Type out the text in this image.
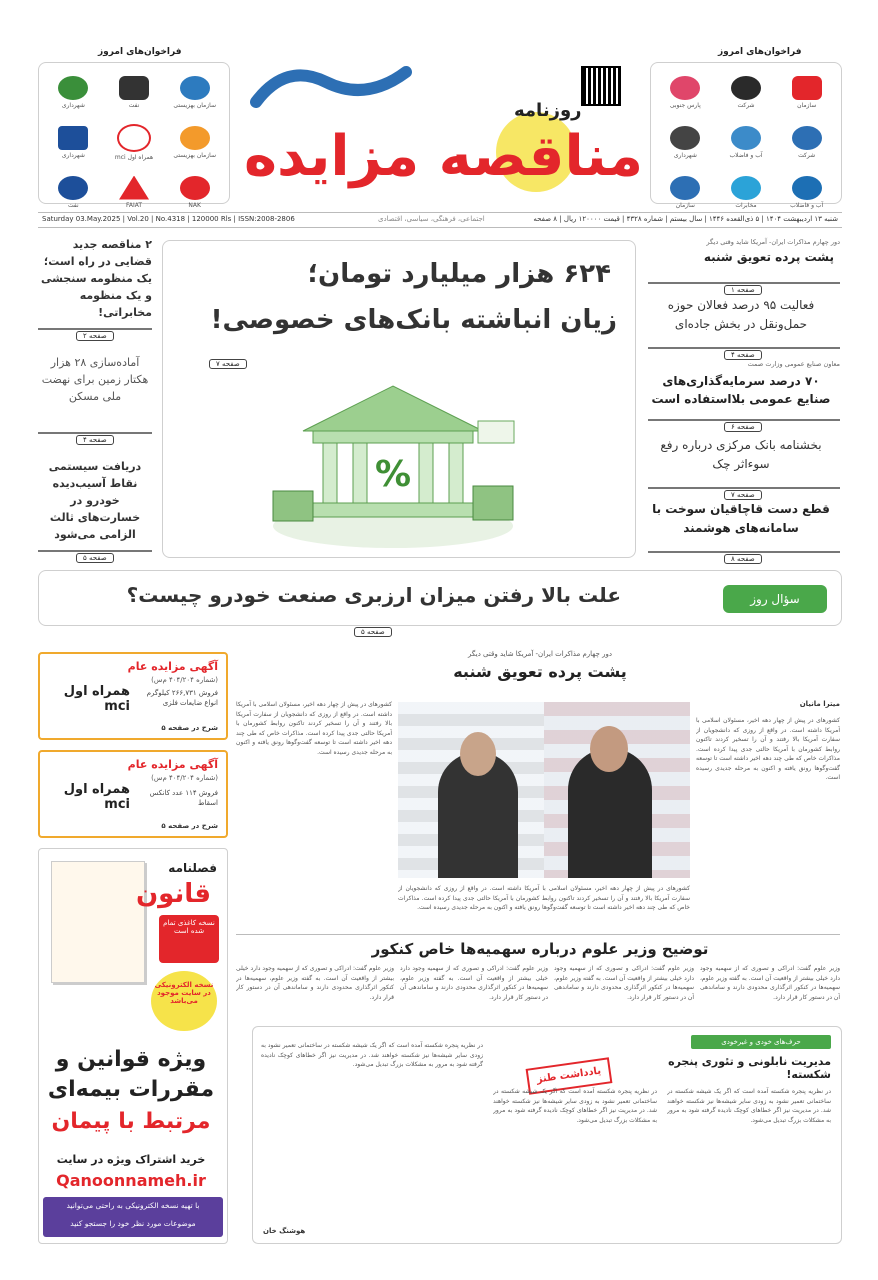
فراخوان‌های امروز	فراخوان‌های امروز
سازمان بهزیستی
نفت
شهرداری
سازمان بهزیستی
همراه اول mci
شهرداری
NAK
FAIAT
نفت
سازمان
شرکت
پارس جنوبی
شرکت
آب و فاضلاب
شهرداری
آب و فاضلاب
مخابرات
سازمان
روزنامه
مناقصه مزایده
شنبه ۱۳ اردیبهشت ۱۴۰۴ | ۵ ذی‌القعده ۱۴۴۶ | سال بیستم | شماره ۴۳۲۸ | قیمت ۱۲۰۰۰۰ ریال | ۸ صفحه
اجتماعی، فرهنگی، سیاسی، اقتصادی
Saturday 03.May.2025 | Vol.20 | No.4318 | 120000 Rls | ISSN:2008-2806
۲ مناقصه جدید قضایی در راه است؛ یک منظومه سنجشی و یک منظومه مخابراتی!
صفحه ۲
آماده‌سازی ۲۸ هزار هکتار زمین برای نهضت ملی مسکن
صفحه ۴
دریافت سیستمی نقاط آسیب‌دیده خودرو در خسارت‌های ثالث الزامی می‌شود
صفحه ۵
۶۲۴ هزار میلیارد تومان؛
زیان انباشته بانک‌های خصوصی!
صفحه ۷
%
دور چهارم مذاکرات ایران- آمریکا شاید وقتی دیگر
پشت پرده تعویق شنبه
صفحه ۱
فعالیت ۹۵ درصد فعالان حوزه حمل‌ونقل در بخش جاده‌ای
صفحه ۴
معاون صنایع عمومی وزارت صمت
۷۰ درصد سرمایه‌گذاری‌های صنایع عمومی بلااستفاده است
صفحه ۶
بخشنامه بانک مرکزی درباره رفع سوءاثر چک
صفحه ۷
قطع دست قاچاقیان سوخت با سامانه‌های هوشمند
صفحه ۸
سؤال روز
علت بالا رفتن میزان ارزبری صنعت خودرو چیست؟
صفحه ۵
آگهی مزایده عام
(شماره ۴۰۴/۲۰۴ م‌س)
فروش ۲۶۶,۷۳۱ کیلوگرم انواع ضایعات فلزی
شرح در صفحه ۵
همراه اول mci
آگهی مزایده عام
(شماره ۴۰۴/۲۰۴ م‌س)
فروش ۱۱۴ عدد کانکس اسقاط
شرح در صفحه ۵
همراه اول mci
فصلنامه
قانون
نسخه کاغذی تمام شده است
نسخه الکترونیکی در سایت موجود می‌باشد
ویژه قوانین و مقررات بیمه‌ای
مرتبط با پیمان
خرید اشتراک ویژه در سایت
Qanoonnameh.ir
با تهیه نسخه الکترونیکی به راحتی می‌توانید
موضوعات مورد نظر خود را جستجو کنید
دور چهارم مذاکرات ایران- آمریکا شاید وقتی دیگر
پشت پرده تعویق شنبه
میترا مانیان
کشورهای در پیش از چهار دهه اخیر، مسئولان اسلامی با آمریکا داشته است. در واقع از روزی که دانشجویان از سفارت آمریکا بالا رفتند و آن را تسخیر کردند تاکنون روابط کشورمان با آمریکا حالتی جدی پیدا کرده است. مذاکرات خاص که طی چند دهه اخیر داشته است تا توسعه گفت‌وگوها رونق یافته و اکنون به مرحله جدیدی رسیده است.
کشورهای در پیش از چهار دهه اخیر، مسئولان اسلامی با آمریکا داشته است. در واقع از روزی که دانشجویان از سفارت آمریکا بالا رفتند و آن را تسخیر کردند تاکنون روابط کشورمان با آمریکا حالتی جدی پیدا کرده است. مذاکرات خاص که طی چند دهه اخیر داشته است تا توسعه گفت‌وگوها رونق یافته و اکنون به مرحله جدیدی رسیده است.
کشورهای در پیش از چهار دهه اخیر، مسئولان اسلامی با آمریکا داشته است. در واقع از روزی که دانشجویان از سفارت آمریکا بالا رفتند و آن را تسخیر کردند تاکنون روابط کشورمان با آمریکا حالتی جدی پیدا کرده است. مذاکرات خاص که طی چند دهه اخیر داشته است تا توسعه گفت‌وگوها رونق یافته و اکنون به مرحله جدیدی رسیده است.
توضیح وزیر علوم درباره سهمیه‌ها خاص کنکور
وزیر علوم گفت: ادراکی و تصوری که از سهمیه وجود دارد خیلی بیشتر از واقعیت آن است. به گفته وزیر علوم، سهمیه‌ها در کنکور اثرگذاری محدودی دارند و ساماندهی آن در دستور کار قرار دارد.
وزیر علوم گفت: ادراکی و تصوری که از سهمیه وجود دارد خیلی بیشتر از واقعیت آن است. به گفته وزیر علوم، سهمیه‌ها در کنکور اثرگذاری محدودی دارند و ساماندهی آن در دستور کار قرار دارد.
وزیر علوم گفت: ادراکی و تصوری که از سهمیه وجود دارد خیلی بیشتر از واقعیت آن است. به گفته وزیر علوم، سهمیه‌ها در کنکور اثرگذاری محدودی دارند و ساماندهی آن در دستور کار قرار دارد.
وزیر علوم گفت: ادراکی و تصوری که از سهمیه وجود دارد خیلی بیشتر از واقعیت آن است. به گفته وزیر علوم، سهمیه‌ها در کنکور اثرگذاری محدودی دارند و ساماندهی آن در دستور کار قرار دارد.
حرف‌های خودی و غیرخودی
مدیریت نابلونی و تئوری پنجره شکسته!
یادداشت طنز
در نظریه پنجره شکسته آمده است که اگر یک شیشه شکسته در ساختمانی تعمیر نشود به زودی سایر شیشه‌ها نیز شکسته خواهند شد. در مدیریت نیز اگر خطاهای کوچک نادیده گرفته شود به مرور به مشکلات بزرگ تبدیل می‌شود.
در نظریه پنجره شکسته آمده است که اگر یک شیشه شکسته در ساختمانی تعمیر نشود به زودی سایر شیشه‌ها نیز شکسته خواهند شد. در مدیریت نیز اگر خطاهای کوچک نادیده گرفته شود به مرور به مشکلات بزرگ تبدیل می‌شود.
در نظریه پنجره شکسته آمده است که اگر یک شیشه شکسته در ساختمانی تعمیر نشود به زودی سایر شیشه‌ها نیز شکسته خواهند شد. در مدیریت نیز اگر خطاهای کوچک نادیده گرفته شود به مرور به مشکلات بزرگ تبدیل می‌شود.
هوشنگ خان
